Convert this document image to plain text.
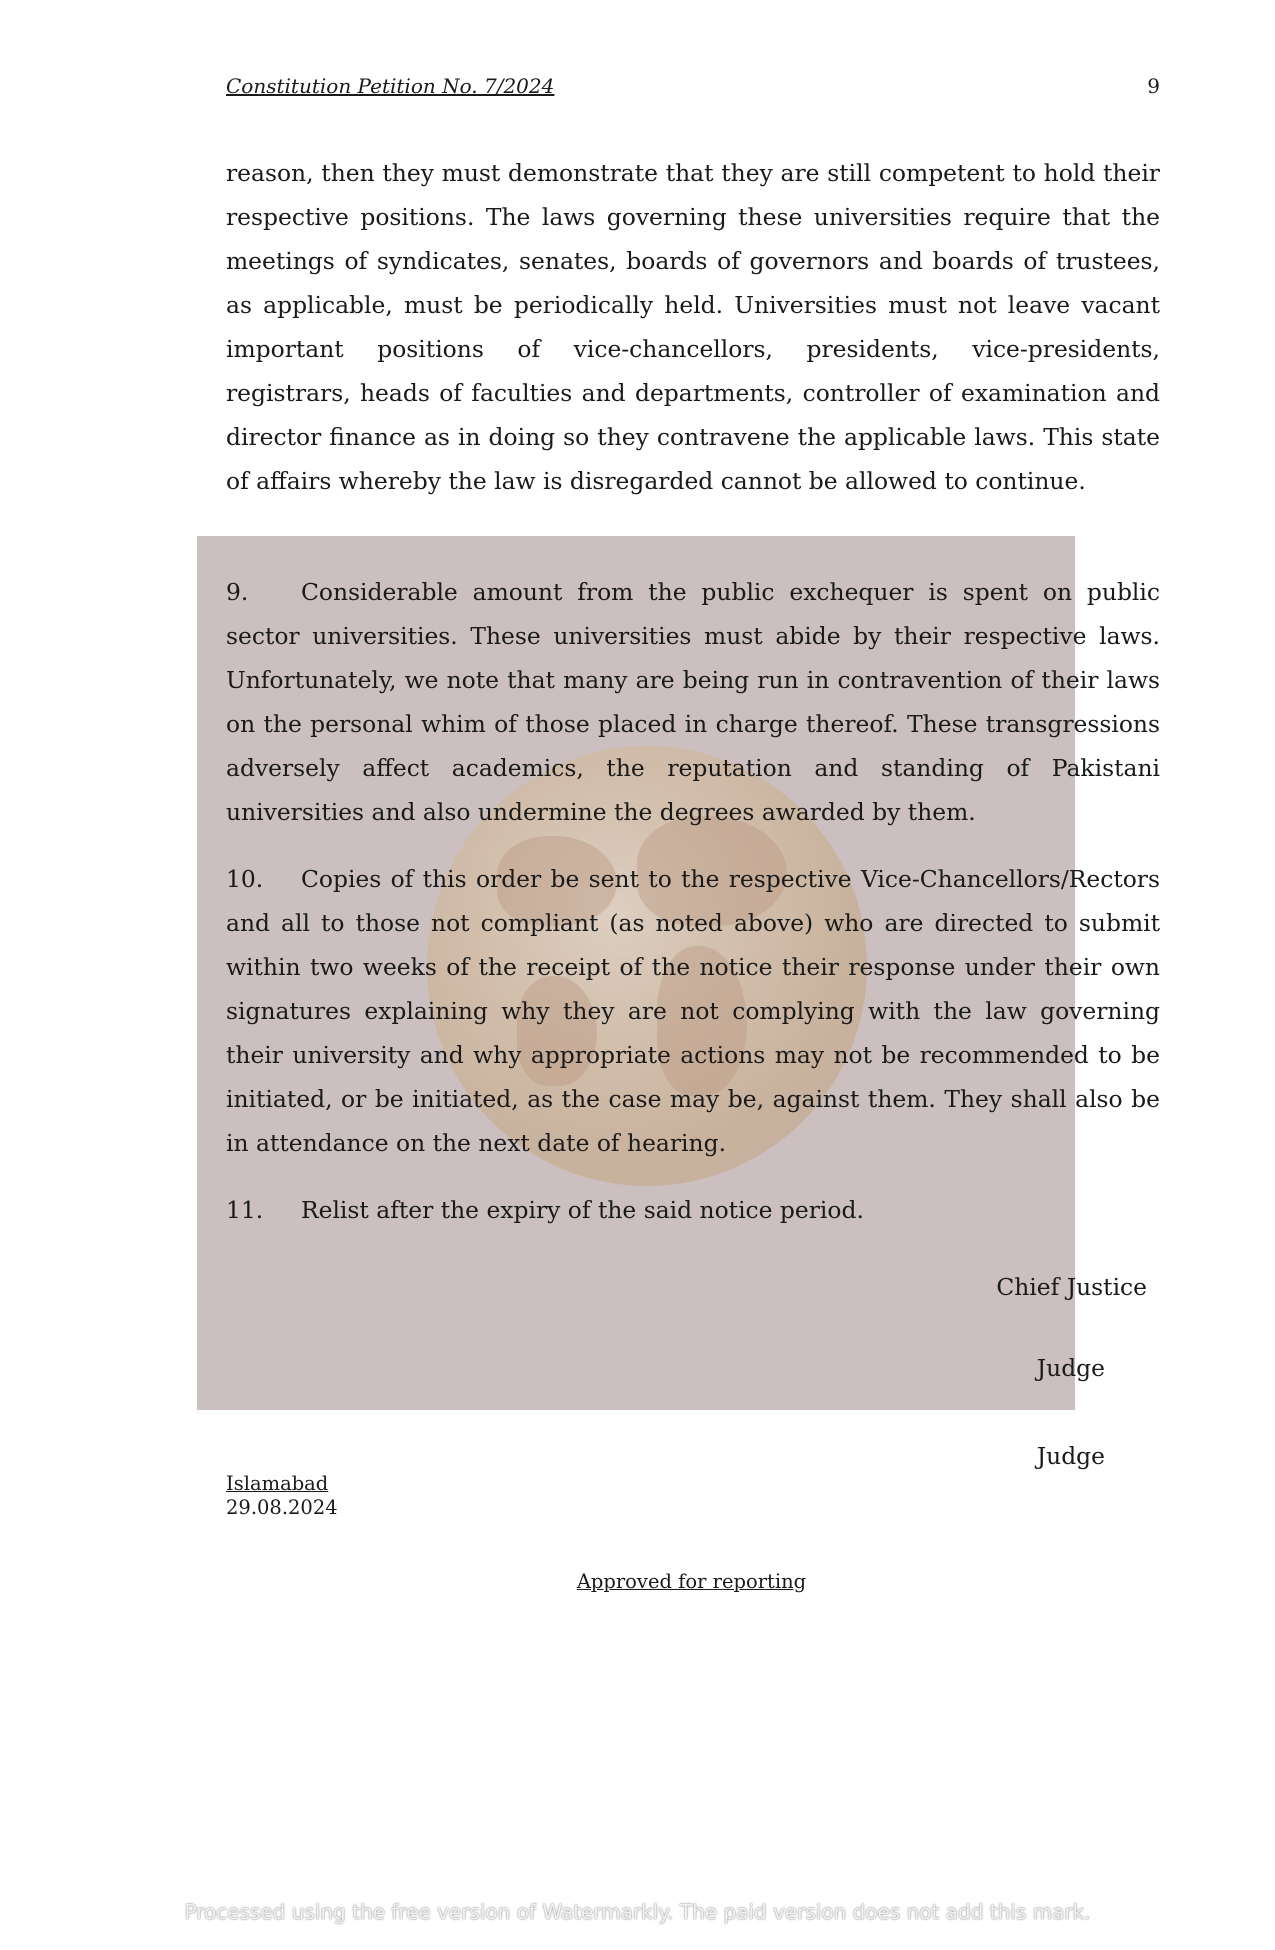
Constitution Petition No. 7/2024	9

reason, then they must demonstrate that they are still competent to hold their respective positions. The laws governing these universities require that the meetings of syndicates, senates, boards of governors and boards of trustees, as applicable, must be periodically held. Universities must not leave vacant important positions of vice-chancellors, presidents, vice-presidents, registrars, heads of faculties and departments, controller of examination and director finance as in doing so they contravene the applicable laws. This state of affairs whereby the law is disregarded cannot be allowed to continue.

9. Considerable amount from the public exchequer is spent on public sector universities. These universities must abide by their respective laws. Unfortunately, we note that many are being run in contravention of their laws on the personal whim of those placed in charge thereof. These transgressions adversely affect academics, the reputation and standing of Pakistani universities and also undermine the degrees awarded by them.

10. Copies of this order be sent to the respective Vice-Chancellors/Rectors and all to those not compliant (as noted above) who are directed to submit within two weeks of the receipt of the notice their response under their own signatures explaining why they are not complying with the law governing their university and why appropriate actions may not be recommended to be initiated, or be initiated, as the case may be, against them. They shall also be in attendance on the next date of hearing.

11. Relist after the expiry of the said notice period.

Chief Justice
Judge
Judge
Islamabad
29.08.2024
Approved for reporting
Processed using the free version of Watermarkly. The paid version does not add this mark.
